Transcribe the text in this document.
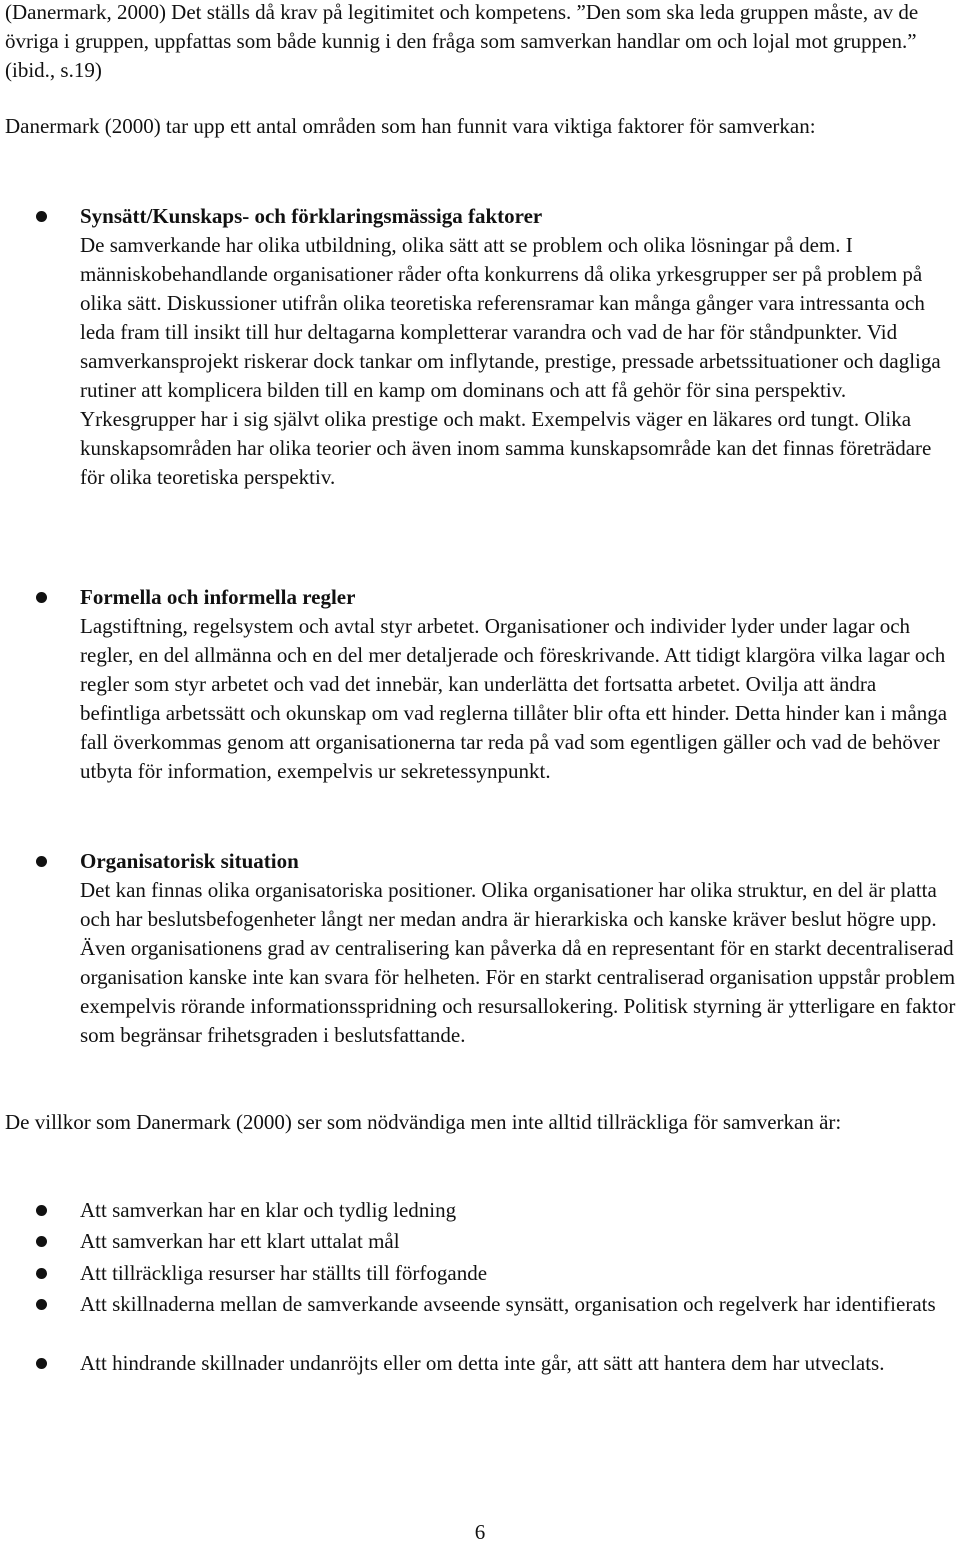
(Danermark, 2000) Det ställs då krav på legitimitet och kompetens. ”Den som ska leda gruppen måste, av de övriga i gruppen, uppfattas som både kunnig i den fråga som samverkan handlar om och lojal mot gruppen.” (ibid., s.19)

Danermark (2000) tar upp ett antal områden som han funnit vara viktiga faktorer för samverkan:

Synsätt/Kunskaps- och förklaringsmässiga faktorer
De samverkande har olika utbildning, olika sätt att se problem och olika lösningar på dem. I människobehandlande organisationer råder ofta konkurrens då olika yrkesgrupper ser på problem på olika sätt. Diskussioner utifrån olika teoretiska referensramar kan många gånger vara intressanta och leda fram till insikt till hur deltagarna kompletterar varandra och vad de har för ståndpunkter. Vid samverkansprojekt riskerar dock tankar om inflytande, prestige, pressade arbetssituationer och dagliga rutiner att komplicera bilden till en kamp om dominans och att få gehör för sina perspektiv. Yrkesgrupper har i sig självt olika prestige och makt. Exempelvis väger en läkares ord tungt. Olika kunskapsområden har olika teorier och även inom samma kunskapsområde kan det finnas företrädare för olika teoretiska perspektiv.
Formella och informella regler
Lagstiftning, regelsystem och avtal styr arbetet. Organisationer och individer lyder under lagar och regler, en del allmänna och en del mer detaljerade och föreskrivande. Att tidigt klargöra vilka lagar och regler som styr arbetet och vad det innebär, kan underlätta det fortsatta arbetet. Ovilja att ändra befintliga arbetssätt och okunskap om vad reglerna tillåter blir ofta ett hinder. Detta hinder kan i många fall överkommas genom att organisationerna tar reda på vad som egentligen gäller och vad de behöver utbyta för information, exempelvis ur sekretessynpunkt.
Organisatorisk situation
Det kan finnas olika organisatoriska positioner. Olika organisationer har olika struktur, en del är platta och har beslutsbefogenheter långt ner medan andra är hierarkiska och kanske kräver beslut högre upp. Även organisationens grad av centralisering kan påverka då en representant för en starkt decentraliserad organisation kanske inte kan svara för helheten. För en starkt centraliserad organisation uppstår problem exempelvis rörande informationsspridning och resursallokering. Politisk styrning är ytterligare en faktor som begränsar frihetsgraden i beslutsfattande.

De villkor som Danermark (2000) ser som nödvändiga men inte alltid tillräckliga för samverkan är:

Att samverkan har en klar och tydlig ledning

Att samverkan har ett klart uttalat mål

Att tillräckliga resurser har ställts till förfogande

Att skillnaderna mellan de samverkande avseende synsätt, organisation och regelverk har identifierats

Att hindrande skillnader undanröjts eller om detta inte går, att sätt att hantera dem har utveclats.

6
